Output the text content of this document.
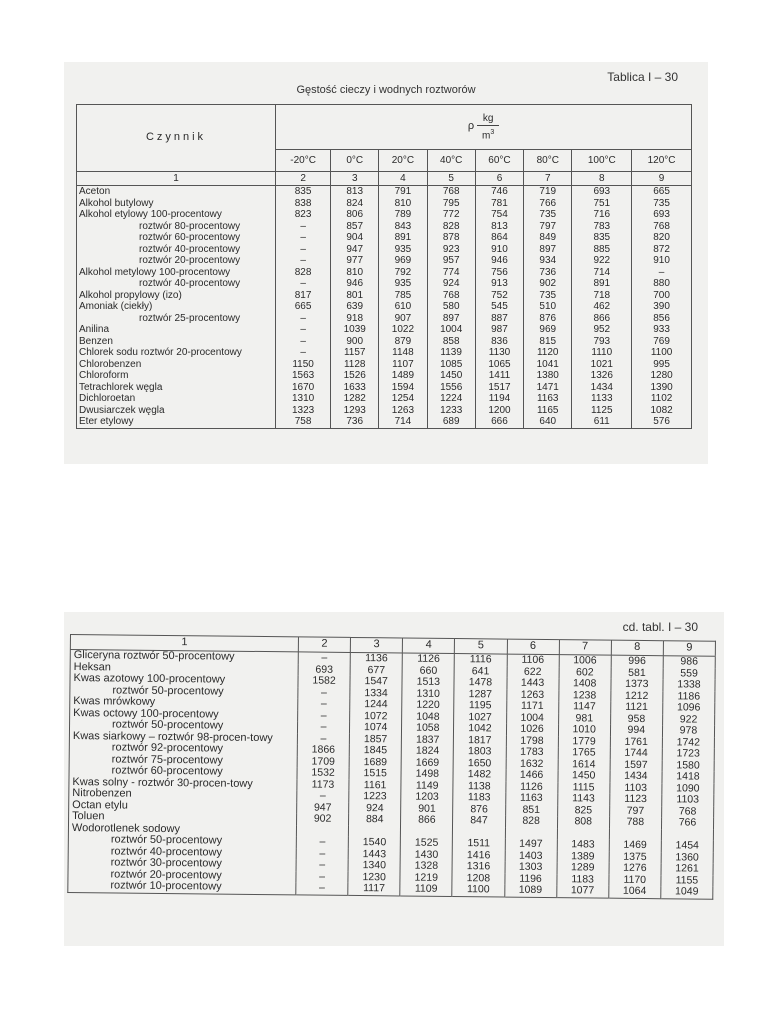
Tablica I – 30
Gęstość cieczy i wodnych roztworów
Czynnik	ρ $\frac{kg}{m^3}$

	-20°C	0°C	20°C	40°C	60°C	80°C	100°C	120°C
1	2	3	4	5	6	7	8	9
Aceton	835	813	791	768	746	719	693	665
Alkohol butylowy	838	824	810	795	781	766	751	735
Alkohol etylowy 100-procentowy	823	806	789	772	754	735	716	693
roztwór 80-procentowy	–	857	843	828	813	797	783	768
roztwór 60-procentowy	–	904	891	878	864	849	835	820
roztwór 40-procentowy	–	947	935	923	910	897	885	872
roztwór 20-procentowy	–	977	969	957	946	934	922	910
Alkohol metylowy 100-procentowy	828	810	792	774	756	736	714	–
roztwór 40-procentowy	–	946	935	924	913	902	891	880
Alkohol propylowy (izo)	817	801	785	768	752	735	718	700
Amoniak (ciekły)	665	639	610	580	545	510	462	390
roztwór 25-procentowy	–	918	907	897	887	876	866	856
Anilina	–	1039	1022	1004	987	969	952	933
Benzen	–	900	879	858	836	815	793	769
Chlorek sodu roztwór 20-procentowy	–	1157	1148	1139	1130	1120	1110	1100
Chlorobenzen	1150	1128	1107	1085	1065	1041	1021	995
Chloroform	1563	1526	1489	1450	1411	1380	1326	1280
Tetrachlorek węgla	1670	1633	1594	1556	1517	1471	1434	1390
Dichloroetan	1310	1282	1254	1224	1194	1163	1133	1102
Dwusiarczek węgla	1323	1293	1263	1233	1200	1165	1125	1082
Eter etylowy	758	736	714	689	666	640	611	576
cd. tabl. I – 30
1	2	3	4	5	6	7	8	9
Gliceryna roztwór 50-procentowy	–	1136	1126	1116	1106	1006	996	986
Heksan	693	677	660	641	622	602	581	559
Kwas azotowy 100-procentowy	1582	1547	1513	1478	1443	1408	1373	1338
roztwór 50-procentowy	–	1334	1310	1287	1263	1238	1212	1186
Kwas mrówkowy	–	1244	1220	1195	1171	1147	1121	1096
Kwas octowy 100-procentowy	–	1072	1048	1027	1004	981	958	922
roztwór 50-procentowy	–	1074	1058	1042	1026	1010	994	978
Kwas siarkowy – roztwór 98-procen-towy	–	1857	1837	1817	1798	1779	1761	1742
roztwór 92-procentowy	1866	1845	1824	1803	1783	1765	1744	1723
roztwór 75-procentowy	1709	1689	1669	1650	1632	1614	1597	1580
roztwór 60-procentowy	1532	1515	1498	1482	1466	1450	1434	1418
Kwas solny - roztwór 30-procen-towy	1173	1161	1149	1138	1126	1115	1103	1090
Nitrobenzen	–	1223	1203	1183	1163	1143	1123	1103
Octan etylu	947	924	901	876	851	825	797	768
Toluen	902	884	866	847	828	808	788	766
Wodorotlenek sodowy								
roztwór 50-procentowy	–	1540	1525	1511	1497	1483	1469	1454
roztwór 40-procentowy	–	1443	1430	1416	1403	1389	1375	1360
roztwór 30-procentowy	–	1340	1328	1316	1303	1289	1276	1261
roztwór 20-procentowy	–	1230	1219	1208	1196	1183	1170	1155
roztwór 10-procentowy	–	1117	1109	1100	1089	1077	1064	1049
